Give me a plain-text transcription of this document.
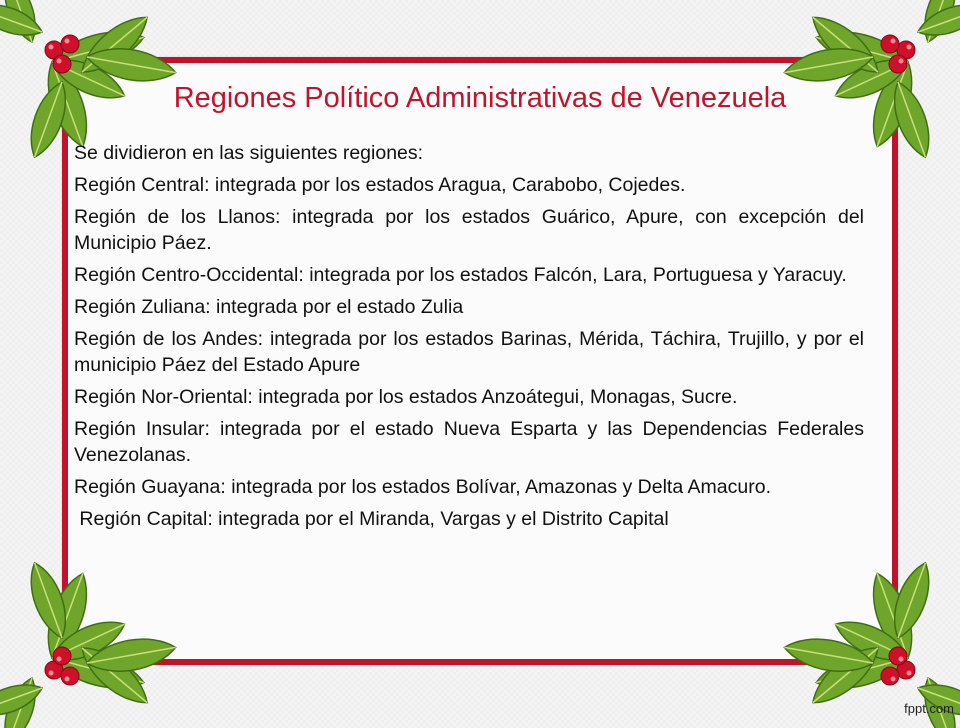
Regiones Político Administrativas de Venezuela

Se dividieron en las siguientes regiones:

Región Central: integrada por los estados Aragua, Carabobo, Cojedes.

Región de los Llanos: integrada por los estados Guárico, Apure, con excepción del Municipio Páez.

Región Centro-Occidental: integrada por los estados Falcón, Lara, Portuguesa y Yaracuy.

Región Zuliana: integrada por el estado Zulia

Región de los Andes: integrada por los estados Barinas, Mérida, Táchira, Trujillo, y por el municipio Páez del Estado Apure

Región Nor-Oriental: integrada por los estados Anzoátegui, Monagas, Sucre.

Región Insular: integrada por el estado Nueva Esparta y las Dependencias Federales Venezolanas.

Región Guayana: integrada por los estados Bolívar, Amazonas y Delta Amacuro.

Región Capital: integrada por el Miranda, Vargas y el Distrito Capital

fppt.com
